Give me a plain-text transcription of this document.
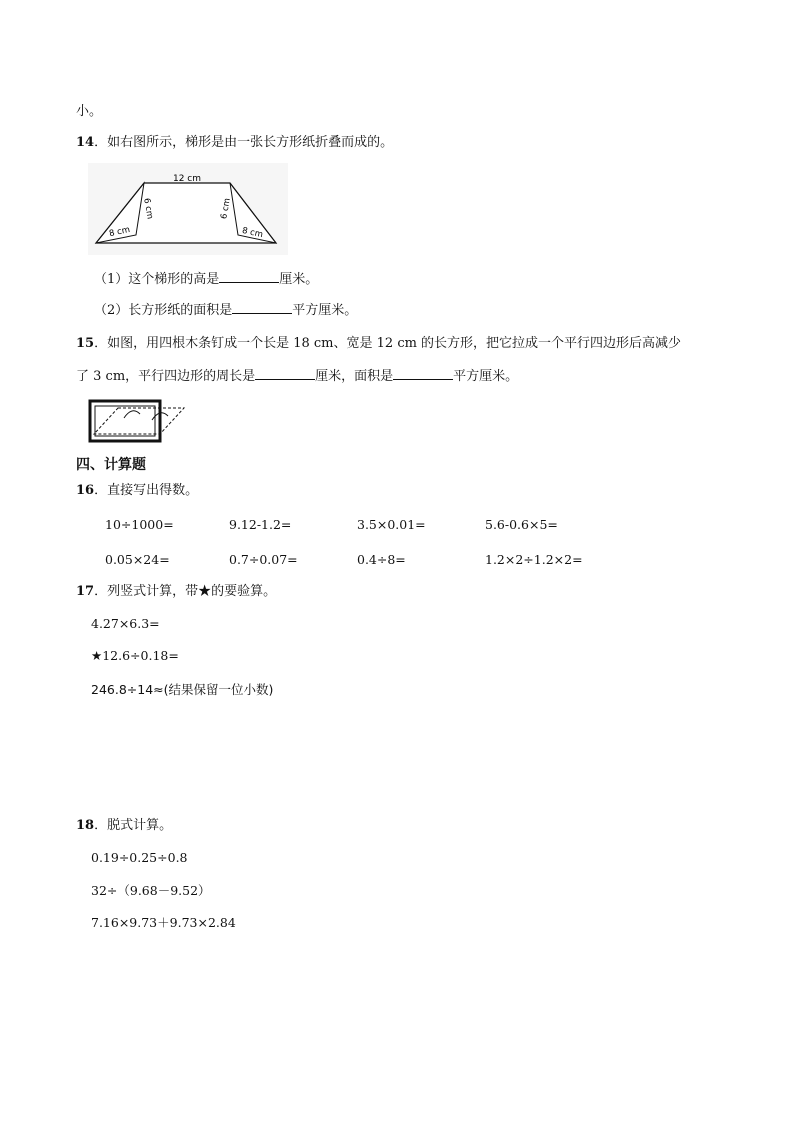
小。
14．如右图所示，梯形是由一张长方形纸折叠而成的。
12 cm
6 cm
8 cm
6 cm
8 cm
（1）这个梯形的高是	厘米。
（2）长方形纸的面积是	平方厘米。
15．如图，用四根木条钉成一个长是 18 cm、宽是 12 cm 的长方形，把它拉成一个平行四边形后高减少
了 3 cm，平行四边形的周长是	厘米，面积是	平方厘米。
四、计算题
16．直接写出得数。
10÷1000=	9.12-1.2=	3.5×0.01=	5.6-0.6×5=
0.05×24=	0.7÷0.07=	0.4÷8=	1.2×2÷1.2×2=
17．列竖式计算，带★的要验算。
4.27×6.3=
★12.6÷0.18=
246.8÷14≈(结果保留一位小数)
18．脱式计算。
0.19÷0.25÷0.8
32÷（9.68－9.52）
7.16×9.73＋9.73×2.84
